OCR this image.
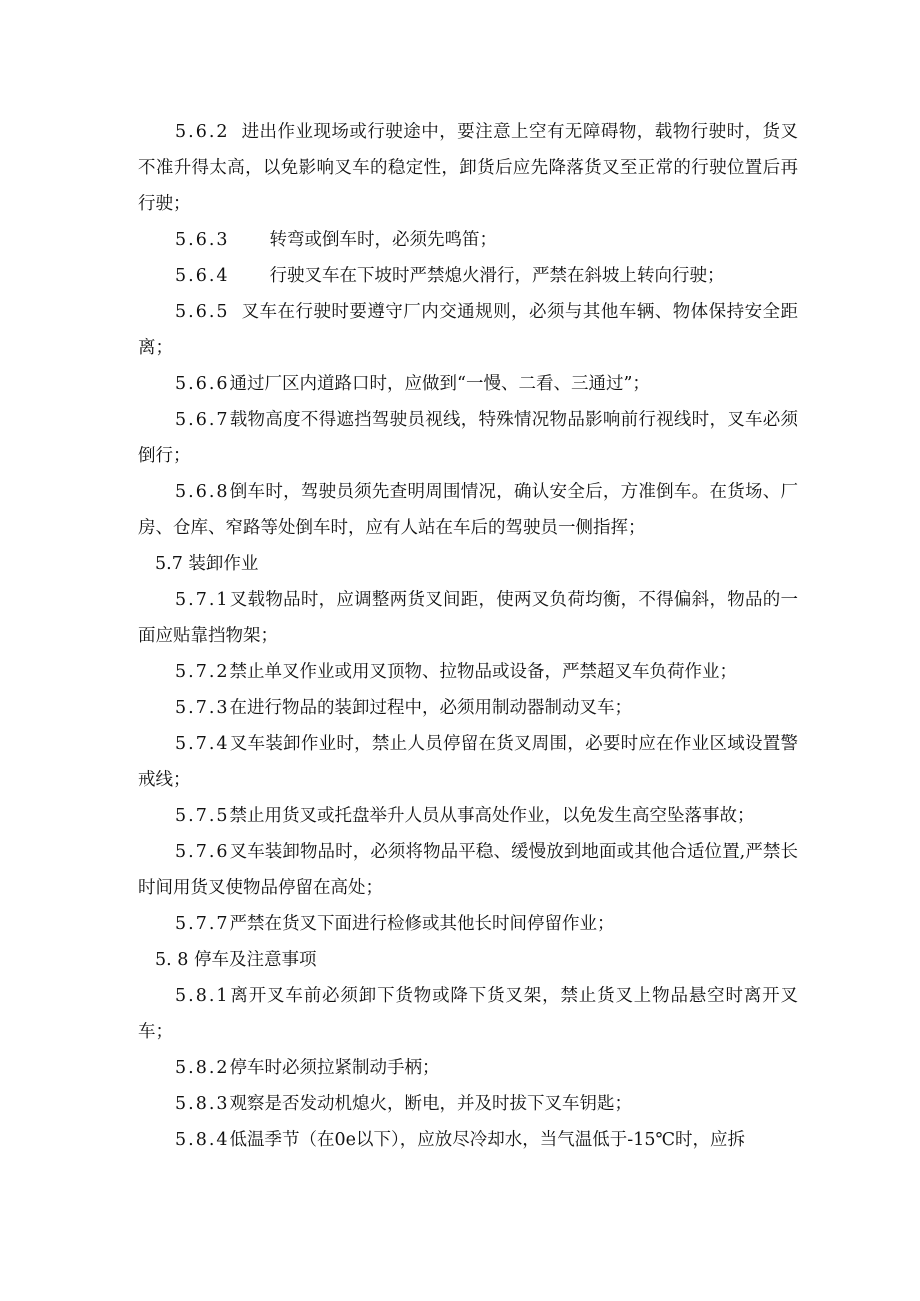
5.6.2 进出作业现场或行驶途中，要注意上空有无障碍物，载物行驶时，货叉不准升得太高，以免影响叉车的稳定性，卸货后应先降落货叉至正常的行驶位置后再行驶；

5.6.3 转弯或倒车时，必须先鸣笛；

5.6.4 行驶叉车在下坡时严禁熄火滑行，严禁在斜坡上转向行驶；

5.6.5 叉车在行驶时要遵守厂内交通规则，必须与其他车辆、物体保持安全距离；

5.6.6通过厂区内道路口时，应做到“一慢、二看、三通过”；

5.6.7载物高度不得遮挡驾驶员视线，特殊情况物品影响前行视线时，叉车必须倒行；

5.6.8倒车时，驾驶员须先查明周围情况，确认安全后，方准倒车。在货场、厂房、仓库、窄路等处倒车时，应有人站在车后的驾驶员一侧指挥；

5.7 装卸作业

5.7.1叉载物品时，应调整两货叉间距，使两叉负荷均衡，不得偏斜，物品的一面应贴靠挡物架；

5.7.2禁止单叉作业或用叉顶物、拉物品或设备，严禁超叉车负荷作业；

5.7.3在进行物品的装卸过程中，必须用制动器制动叉车；

5.7.4叉车装卸作业时，禁止人员停留在货叉周围，必要时应在作业区域设置警戒线；

5.7.5禁止用货叉或托盘举升人员从事高处作业，以免发生高空坠落事故；

5.7.6叉车装卸物品时，必须将物品平稳、缓慢放到地面或其他合适位置,严禁长时间用货叉使物品停留在高处；

5.7.7严禁在货叉下面进行检修或其他长时间停留作业；

5. 8 停车及注意事项

5.8.1离开叉车前必须卸下货物或降下货叉架，禁止货叉上物品悬空时离开叉车；

5.8.2停车时必须拉紧制动手柄；

5.8.3观察是否发动机熄火，断电，并及时拔下叉车钥匙；

5.8.4低温季节（在0e以下），应放尽冷却水，当气温低于-15℃时，应拆
